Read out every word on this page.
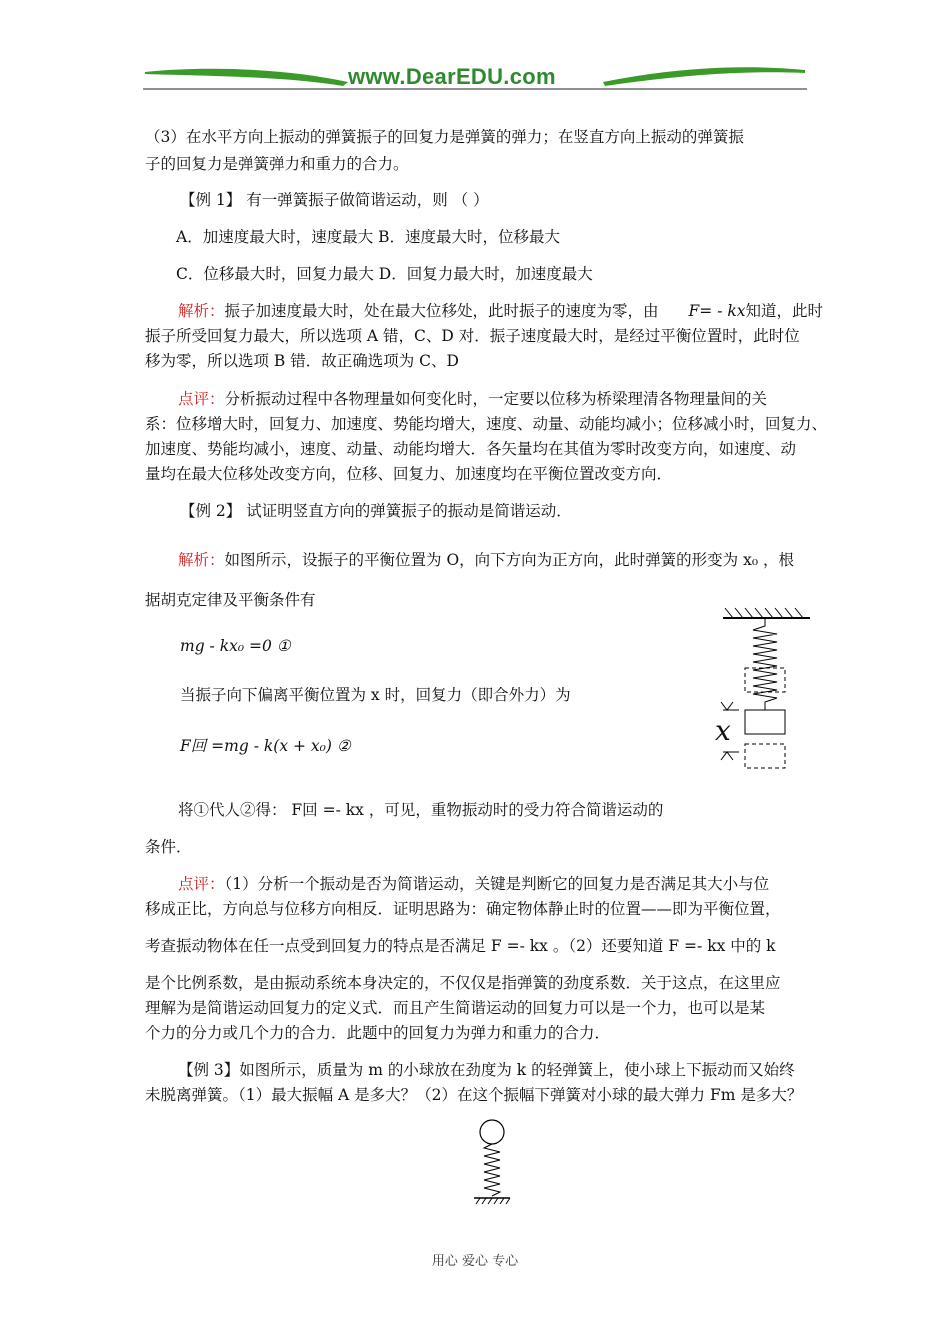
www.DearEDU.com
（3）在水平方向上振动的弹簧振子的回复力是弹簧的弹力；在竖直方向上振动的弹簧振
子的回复力是弹簧弹力和重力的合力。
【例 1】 有一弹簧振子做简谐运动，则 （ ）
A．加速度最大时，速度最大 B．速度最大时，位移最大
C．位移最大时，回复力最大 D．回复力最大时，加速度最大
解析：振子加速度最大时，处在最大位移处，此时振子的速度为零，由 F= - kx知道，此时
振子所受回复力最大，所以选项 A 错，C、D 对．振子速度最大时，是经过平衡位置时，此时位
移为零，所以选项 B 错．故正确选项为 C、D
点评：分析振动过程中各物理量如何变化时，一定要以位移为桥梁理清各物理量间的关
系：位移增大时，回复力、加速度、势能均增大，速度、动量、动能均减小；位移减小时，回复力、
加速度、势能均减小，速度、动量、动能均增大．各矢量均在其值为零时改变方向，如速度、动
量均在最大位移处改变方向，位移、回复力、加速度均在平衡位置改变方向．
【例 2】 试证明竖直方向的弹簧振子的振动是简谐运动．
解析：如图所示，设振子的平衡位置为 O，向下方向为正方向，此时弹簧的形变为 x₀ ，根
据胡克定律及平衡条件有
mg - kx₀ =0 ①
当振子向下偏离平衡位置为 x 时，回复力（即合外力）为
F回 =mg - k(x + x₀) ②
将①代人②得： F回 =- kx ，可见，重物振动时的受力符合简谐运动的
条件．
点评：（1）分析一个振动是否为简谐运动，关键是判断它的回复力是否满足其大小与位
移成正比，方向总与位移方向相反．证明思路为：确定物体静止时的位置——即为平衡位置，
考查振动物体在任一点受到回复力的特点是否满足 F =- kx 。（2）还要知道 F =- kx 中的 k
是个比例系数，是由振动系统本身决定的，不仅仅是指弹簧的劲度系数．关于这点，在这里应
理解为是简谐运动回复力的定义式．而且产生简谐运动的回复力可以是一个力，也可以是某
个力的分力或几个力的合力．此题中的回复力为弹力和重力的合力．
x
【例 3】如图所示，质量为 m 的小球放在劲度为 k 的轻弹簧上，使小球上下振动而又始终
未脱离弹簧。（1）最大振幅 A 是多大？（2）在这个振幅下弹簧对小球的最大弹力 Fm 是多大？
用心 爱心 专心
